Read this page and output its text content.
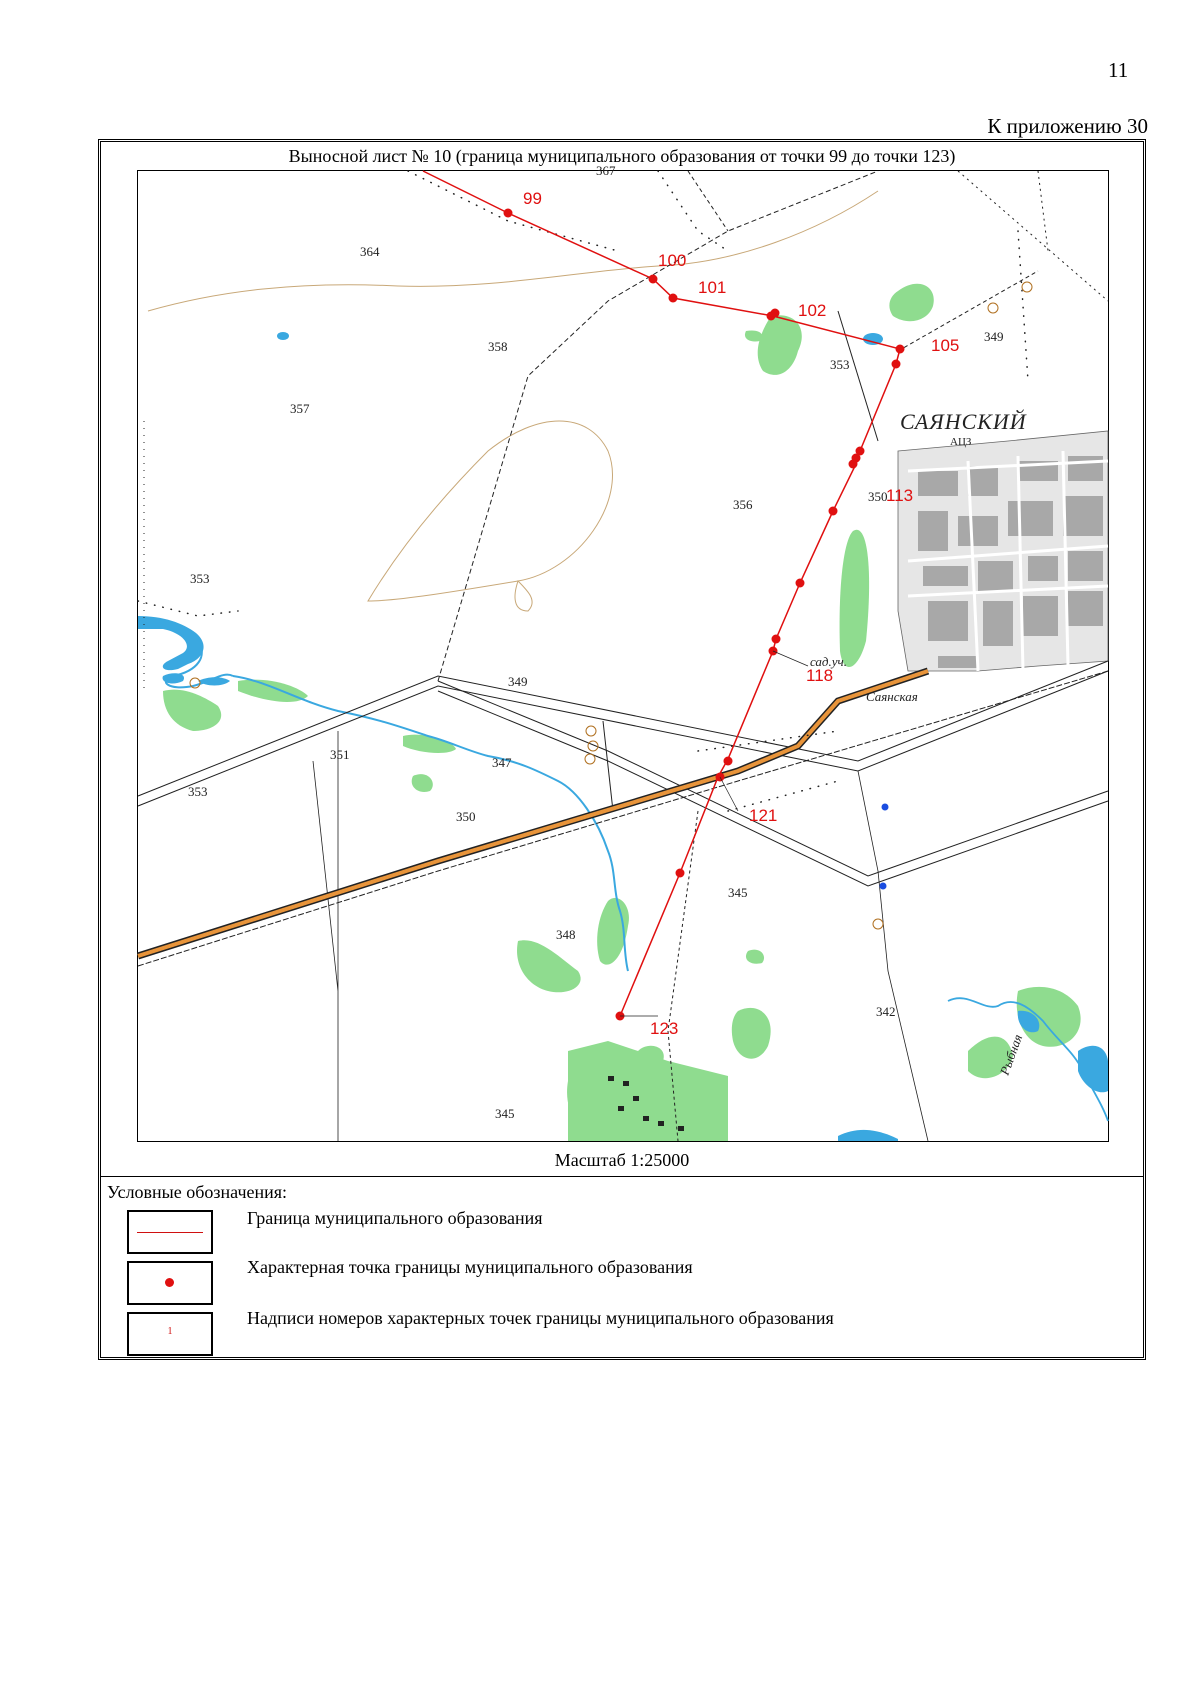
11
К приложению 30
Выносной лист № 10 (граница муниципального образования от точки 99 до точки 123)
99
100
101
102
105
113
118
121
123
САЯНСКИЙ
АЦЗ
сад.уч.
Саянская
Рыбная
364
358
357
356
353
353
353
349
349
351
350
350
347
348
345
345
342
367
Масштаб 1:25000
Условные обозначения:
Граница муниципального образования
Характерная точка границы муниципального образования
1
Надписи номеров характерных точек границы муниципального образования
